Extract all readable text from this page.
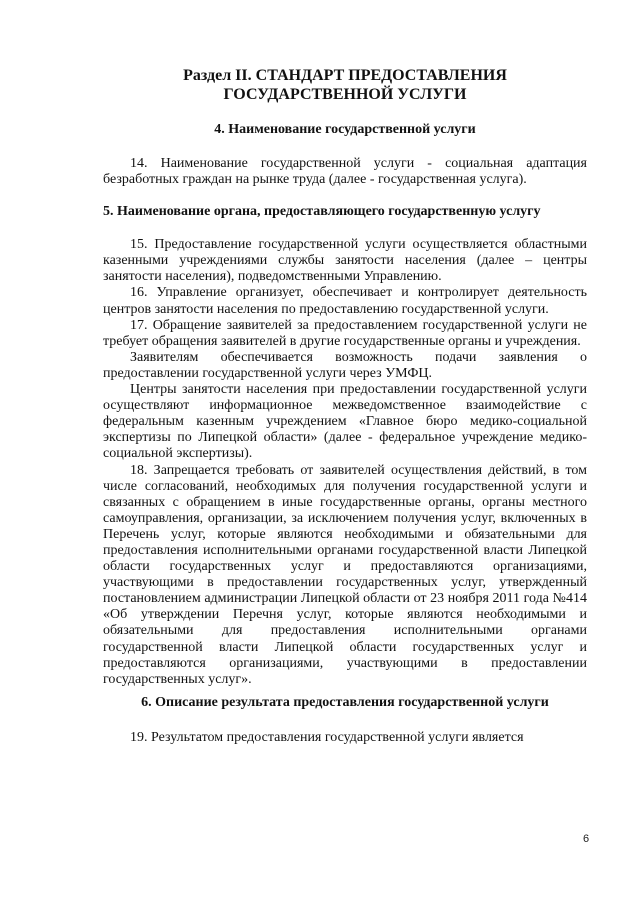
Раздел II. СТАНДАРТ ПРЕДОСТАВЛЕНИЯ ГОСУДАРСТВЕННОЙ УСЛУГИ
4. Наименование государственной услуги

14. Наименование государственной услуги - социальная адаптация безработных граждан на рынке труда (далее - государственная услуга).

5. Наименование органа, предоставляющего государственную услугу

15. Предоставление государственной услуги осуществляется областными казенными учреждениями службы занятости населения (далее – центры занятости населения), подведомственными Управлению.

16. Управление организует, обеспечивает и контролирует деятельность центров занятости населения по предоставлению государственной услуги.

17. Обращение заявителей за предоставлением государственной услуги не требует обращения заявителей в другие государственные органы и учреждения.

Заявителям обеспечивается возможность подачи заявления о предоставлении государственной услуги через УМФЦ.

Центры занятости населения при предоставлении государственной услуги осуществляют информационное межведомственное взаимодействие с федеральным казенным учреждением «Главное бюро медико-социальной экспертизы по Липецкой области» (далее - федеральное учреждение медико-социальной экспертизы).

18. Запрещается требовать от заявителей осуществления действий, в том числе согласований, необходимых для получения государственной услуги и связанных с обращением в иные государственные органы, органы местного самоуправления, организации, за исключением получения услуг, включенных в Перечень услуг, которые являются необходимыми и обязательными для предоставления исполнительными органами государственной власти Липецкой области государственных услуг и предоставляются организациями, участвующими в предоставлении государственных услуг, утвержденный постановлением администрации Липецкой области от 23 ноября 2011 года №414 «Об утверждении Перечня услуг, которые являются необходимыми и обязательными для предоставления исполнительными органами государственной власти Липецкой области государственных услуг и предоставляются организациями, участвующими в предоставлении государственных услуг».

6. Описание результата предоставления государственной услуги

19. Результатом предоставления государственной услуги является

6
